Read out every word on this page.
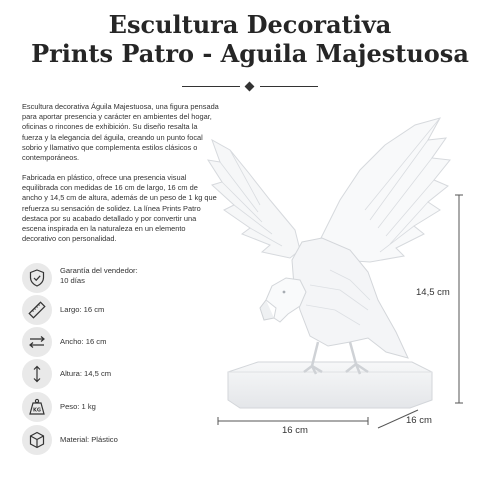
Escultura Decorativa
Prints Patro - Aguila Majestuosa
Escultura decorativa Águila Majestuosa, una figura pensada para aportar presencia y carácter en ambientes del hogar, oficinas o rincones de exhibición. Su diseño resalta la fuerza y la elegancia del águila, creando un punto focal sobrio y llamativo que complementa estilos clásicos o contemporáneos.
Fabricada en plástico, ofrece una presencia visual equilibrada con medidas de 16 cm de largo, 16 cm de ancho y 14,5 cm de altura, además de un peso de 1 kg que refuerza su sensación de solidez. La línea Prints Patro destaca por su acabado detallado y por convertir una escena inspirada en la naturaleza en un elemento decorativo con personalidad.
Garantía del vendedor:
10 días
Largo: 16 cm
Ancho: 16 cm
Altura: 14,5 cm
KG	Peso: 1 kg
Material: Plástico
14,5 cm
16 cm
16 cm
